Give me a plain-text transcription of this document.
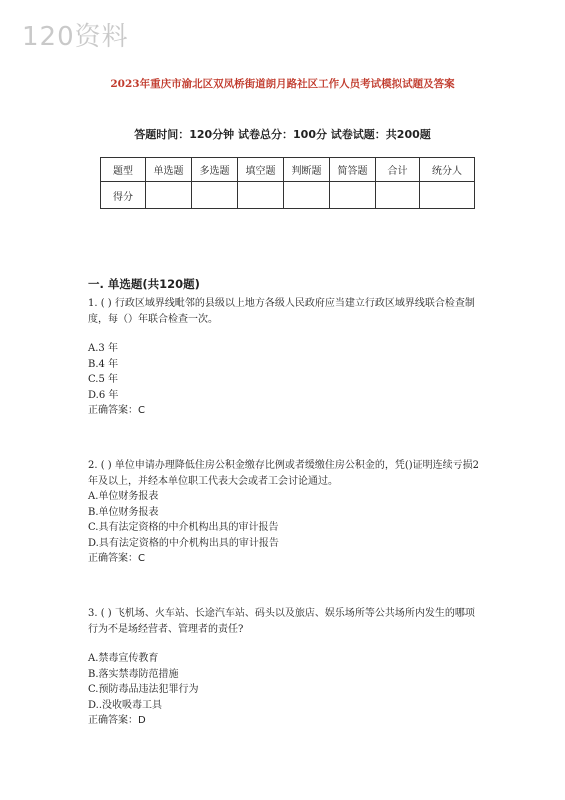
120资料
2023年重庆市渝北区双凤桥街道朗月路社区工作人员考试模拟试题及答案
答题时间：120分钟 试卷总分：100分 试卷试题：共200题
题型	单选题	多选题	填空题	判断题	简答题	合计	统分人
得分							
一. 单选题(共120题)

1. ( ) 行政区域界线毗邻的县级以上地方各级人民政府应当建立行政区域界线联合检查制度，每（）年联合检查一次。

A.3 年

B.4 年

C.5 年

D.6 年

正确答案：C

2. ( ) 单位申请办理降低住房公积金缴存比例或者缓缴住房公积金的，凭()证明连续亏损2年及以上，并经本单位职工代表大会或者工会讨论通过。

A.单位财务报表

B.单位财务报表

C.具有法定资格的中介机构出具的审计报告

D.具有法定资格的中介机构出具的审计报告

正确答案：C

3. ( ) 飞机场、火车站、长途汽车站、码头以及旅店、娱乐场所等公共场所内发生的哪项行为不是场经营者、管理者的责任?

A.禁毒宣传教育

B.落实禁毒防范措施

C.预防毒品违法犯罪行为

D..没收吸毒工具

正确答案：D
